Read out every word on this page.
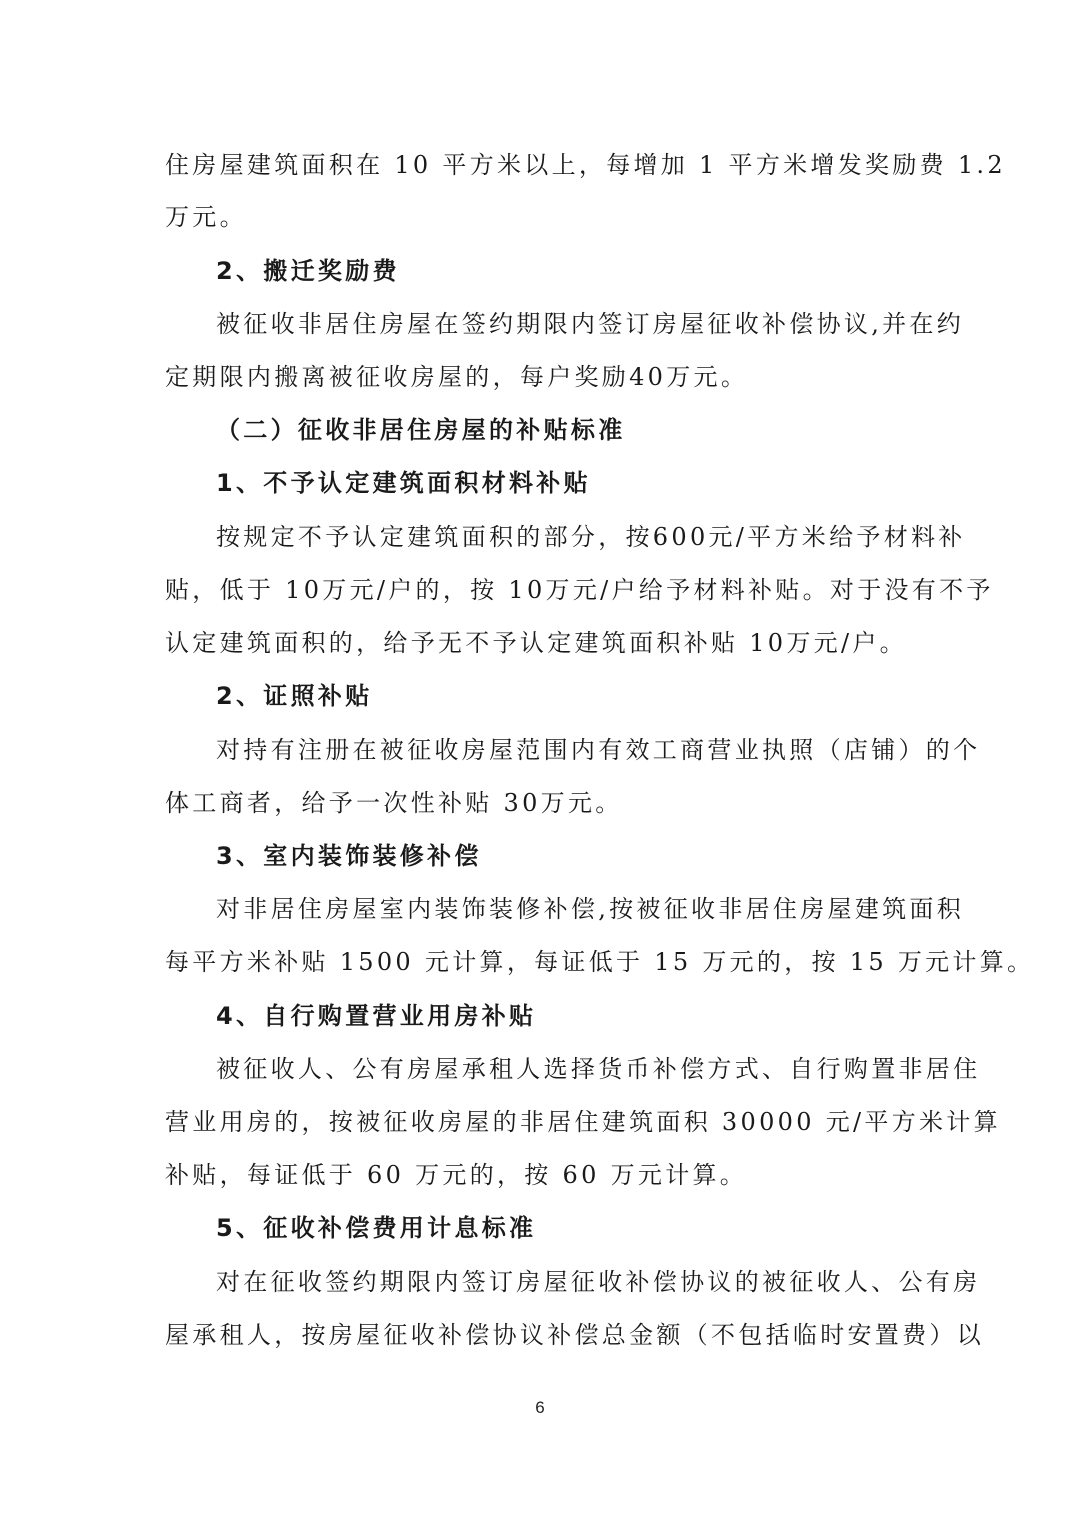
住房屋建筑面积在 10 平方米以上，每增加 1 平方米增发奖励费 1.2
万元。
2、搬迁奖励费
被征收非居住房屋在签约期限内签订房屋征收补偿协议,并在约
定期限内搬离被征收房屋的，每户奖励40万元。
（二）征收非居住房屋的补贴标准
1、不予认定建筑面积材料补贴
按规定不予认定建筑面积的部分，按600元/平方米给予材料补
贴，低于 10万元/户的，按 10万元/户给予材料补贴。对于没有不予
认定建筑面积的，给予无不予认定建筑面积补贴 10万元/户。
2、证照补贴
对持有注册在被征收房屋范围内有效工商营业执照（店铺）的个
体工商者，给予一次性补贴 30万元。
3、室内装饰装修补偿
对非居住房屋室内装饰装修补偿,按被征收非居住房屋建筑面积
每平方米补贴 1500 元计算，每证低于 15 万元的，按 15 万元计算。
4、自行购置营业用房补贴
被征收人、公有房屋承租人选择货币补偿方式、自行购置非居住
营业用房的，按被征收房屋的非居住建筑面积 30000 元/平方米计算
补贴，每证低于 60 万元的，按 60 万元计算。
5、征收补偿费用计息标准
对在征收签约期限内签订房屋征收补偿协议的被征收人、公有房
屋承租人，按房屋征收补偿协议补偿总金额（不包括临时安置费）以
6
